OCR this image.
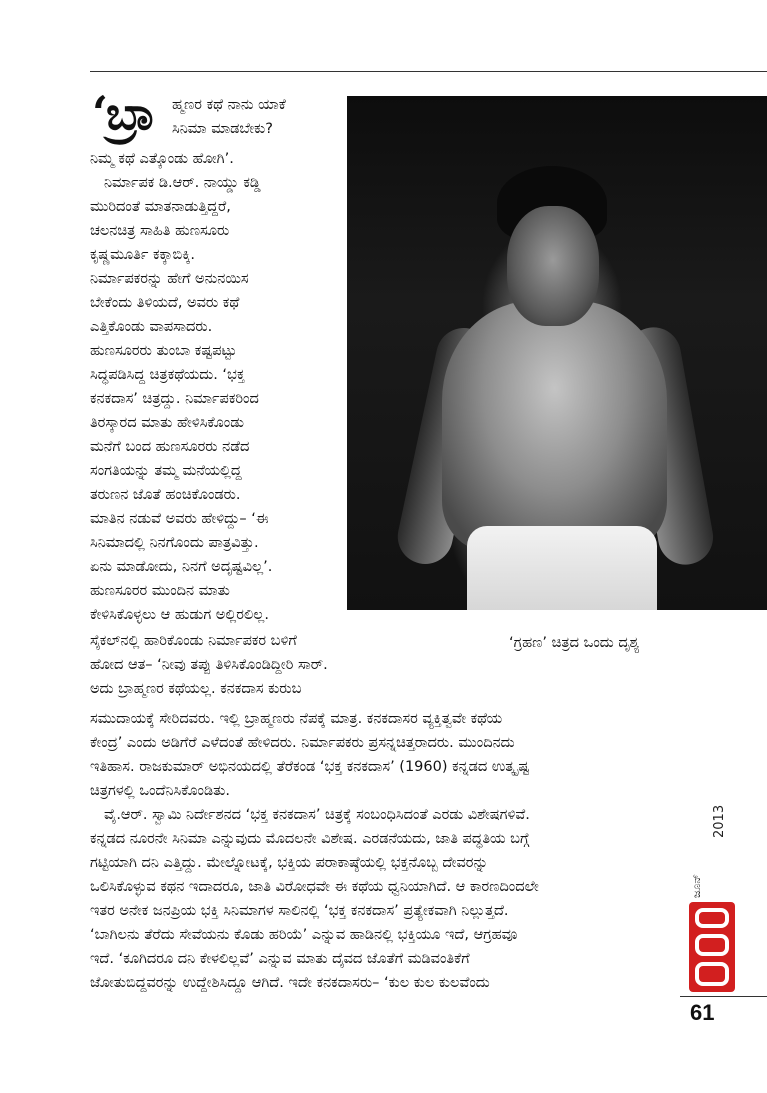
‘ಬ್ರಾ ಹ್ಮಣರ ಕಥೆ ನಾನು ಯಾಕೆ
ಸಿನಿಮಾ ಮಾಡಬೇಕು?
ನಿಮ್ಮ ಕಥೆ ಎತ್ಕೊಂಡು ಹೋಗಿ’.
ನಿರ್ಮಾಪಕ ಡಿ.ಆರ್. ನಾಯ್ಡು ಕಡ್ಡಿ
ಮುರಿದಂತೆ ಮಾತನಾಡುತ್ತಿದ್ದರೆ,
ಚಲನಚಿತ್ರ ಸಾಹಿತಿ ಹುಣಸೂರು
ಕೃಷ್ಣಮೂರ್ತಿ ಕಕ್ಕಾಬಿಕ್ಕಿ.
ನಿರ್ಮಾಪಕರನ್ನು ಹೇಗೆ ಅನುನಯಿಸ
ಬೇಕೆಂದು ತಿಳಿಯದೆ, ಅವರು ಕಥೆ
ಎತ್ತಿಕೊಂಡು ವಾಪಸಾದರು.
ಹುಣಸೂರರು ತುಂಬಾ ಕಷ್ಟಪಟ್ಟು
ಸಿದ್ಧಪಡಿಸಿದ್ದ ಚಿತ್ರಕಥೆಯದು. ‘ಭಕ್ತ
ಕನಕದಾಸ’ ಚಿತ್ರದ್ದು. ನಿರ್ಮಾಪಕರಿಂದ
ತಿರಸ್ಕಾರದ ಮಾತು ಹೇಳಿಸಿಕೊಂಡು
ಮನೆಗೆ ಬಂದ ಹುಣಸೂರರು ನಡೆದ
ಸಂಗತಿಯನ್ನು ತಮ್ಮ ಮನೆಯಲ್ಲಿದ್ದ
ತರುಣನ ಜೊತೆ ಹಂಚಿಕೊಂಡರು.
ಮಾತಿನ ನಡುವೆ ಅವರು ಹೇಳಿದ್ದು– ‘ಈ
ಸಿನಿಮಾದಲ್ಲಿ ನಿನಗೊಂದು ಪಾತ್ರವಿತ್ತು.
ಏನು ಮಾಡೋದು, ನಿನಗೆ ಅದೃಷ್ಟವಿಲ್ಲ’.
ಹುಣಸೂರರ ಮುಂದಿನ ಮಾತು
ಕೇಳಿಸಿಕೊಳ್ಳಲು ಆ ಹುಡುಗ ಅಲ್ಲಿರಲಿಲ್ಲ.
ಸೈಕಲ್‌ನಲ್ಲಿ ಹಾರಿಕೊಂಡು ನಿರ್ಮಾಪಕರ ಬಳಿಗೆ
ಹೋದ ಆತ– ‘ನೀವು ತಪ್ಪು ತಿಳಿಸಿಕೊಂಡಿದ್ದೀರಿ ಸಾರ್.
ಅದು ಬ್ರಾಹ್ಮಣರ ಕಥೆಯಲ್ಲ. ಕನಕದಾಸ ಕುರುಬ
‘ಗ್ರಹಣ’ ಚಿತ್ರದ ಒಂದು ದೃಶ್ಯ
ಸಮುದಾಯಕ್ಕೆ ಸೇರಿದವರು. ಇಲ್ಲಿ ಬ್ರಾಹ್ಮಣರು ನೆಪಕ್ಕೆ ಮಾತ್ರ. ಕನಕದಾಸರ ವ್ಯಕ್ತಿತ್ವವೇ ಕಥೆಯ
ಕೇಂದ್ರ’ ಎಂದು ಅಡಿಗೆರೆ ಎಳೆದಂತೆ ಹೇಳಿದರು. ನಿರ್ಮಾಪಕರು ಪ್ರಸನ್ನಚಿತ್ತರಾದರು. ಮುಂದಿನದು
ಇತಿಹಾಸ. ರಾಜಕುಮಾರ್ ಅಭಿನಯದಲ್ಲಿ ತೆರೆಕಂಡ ‘ಭಕ್ತ ಕನಕದಾಸ’ (1960) ಕನ್ನಡದ ಉತ್ಕೃಷ್ಟ
ಚಿತ್ರಗಳಲ್ಲಿ ಒಂದೆನಿಸಿಕೊಂಡಿತು.
ವೈ.ಆರ್. ಸ್ವಾಮಿ ನಿರ್ದೇಶನದ ‘ಭಕ್ತ ಕನಕದಾಸ’ ಚಿತ್ರಕ್ಕೆ ಸಂಬಂಧಿಸಿದಂತೆ ಎರಡು ವಿಶೇಷಗಳಿವೆ.
ಕನ್ನಡದ ನೂರನೇ ಸಿನಿಮಾ ಎನ್ನುವುದು ಮೊದಲನೇ ವಿಶೇಷ. ಎರಡನೆಯದು, ಜಾತಿ ಪದ್ಧತಿಯ ಬಗ್ಗೆ
ಗಟ್ಟಿಯಾಗಿ ದನಿ ಎತ್ತಿದ್ದು. ಮೇಲ್ನೋಟಕ್ಕೆ, ಭಕ್ತಿಯ ಪರಾಕಾಷ್ಠೆಯಲ್ಲಿ ಭಕ್ತನೊಬ್ಬ ದೇವರನ್ನು
ಒಲಿಸಿಕೊಳ್ಳುವ ಕಥನ ಇದಾದರೂ, ಜಾತಿ ವಿರೋಧವೇ ಈ ಕಥೆಯ ಧ್ವನಿಯಾಗಿದೆ. ಆ ಕಾರಣದಿಂದಲೇ
ಇತರ ಅನೇಕ ಜನಪ್ರಿಯ ಭಕ್ತಿ ಸಿನಿಮಾಗಳ ಸಾಲಿನಲ್ಲಿ ‘ಭಕ್ತ ಕನಕದಾಸ’ ಪ್ರತ್ಯೇಕವಾಗಿ ನಿಲ್ಲುತ್ತದೆ.
‘ಬಾಗಿಲನು ತೆರೆದು ಸೇವೆಯನು ಕೊಡು ಹರಿಯೆ’ ಎನ್ನುವ ಹಾಡಿನಲ್ಲಿ ಭಕ್ತಿಯೂ ಇದೆ, ಆಗ್ರಹವೂ
ಇದೆ. ‘ಕೂಗಿದರೂ ದನಿ ಕೇಳಲಿಲ್ಲವೆ’ ಎನ್ನುವ ಮಾತು ದೈವದ ಜೊತೆಗೆ ಮಡಿವಂತಿಕೆಗೆ
ಜೋತುಬಿದ್ದವರನ್ನು ಉದ್ದೇಶಿಸಿದ್ದೂ ಆಗಿದೆ. ಇದೇ ಕನಕದಾಸರು– ‘ಕುಲ ಕುಲ ಕುಲವೆಂದು
ಜೂನ್
2013
61
